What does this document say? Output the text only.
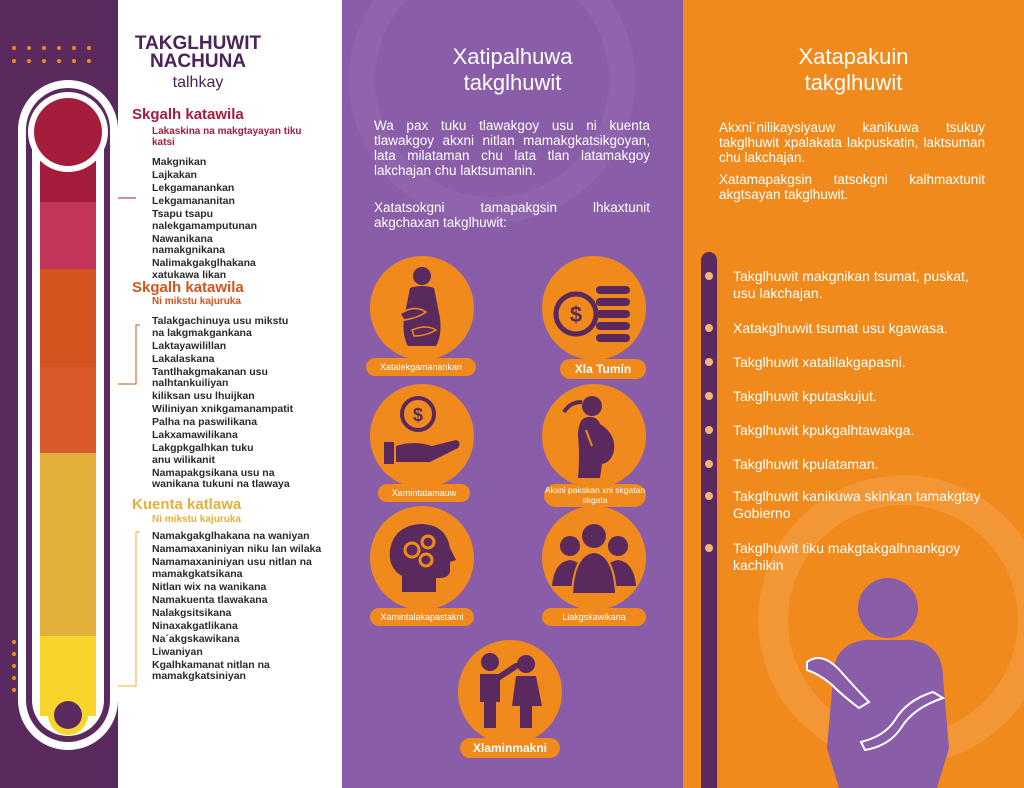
TAKGLHUWIT
NACHUNA
talhkay
Skgalh katawila
Lakaskina na makgtayayan tiku katsi
Makgnikan
Lajkakan
Lekgamanankan
Lekgamananitan
Tsapu tsapu nalekgamamputunan
Nawanikana namakgnikana
Nalimakgakglhakana xatukawa likan
Skgalh katawila
Ni mikstu kajuruka
Talakgachinuya usu mikstu na lakgmakgankana
Laktayawilillan
Lakalaskana
Tantlhakgmakanan usu nalhtankuiliyan
kiliksan usu lhuijkan
Wiliniyan xnikgamanampatit
Palha na paswilikana
Lakxamawilikana
Lakgpkgalhkan tuku anu wilikanit
Namapakgsikana usu na wanikana tukuni na tlawaya
Kuenta katlawa
Ni mikstu kajuruka
Namakgakglhakana na waniyan
Namamaxaniniyan niku lan wilaka
Namamaxaniniyan usu nitlan na mamakgkatsikana
Nitlan wix na wanikana
Namakuenta tlawakana
Nalakgsitsikana
Ninaxakgatlikana
Na´akgskawikana
Liwaniyan
Kgalhkamanat nitlan na mamakgkatsiniyan
Xatipalhuwa
takglhuwit
Wa pax tuku tlawakgoy usu ni kuenta tlawakgoy akxni nitlan mamakgkatsikgoyan, lata milataman chu lata tlan latamakgoy lakchajan chu laktsumanin.
Xatatsokgni tamapakgsin lhkaxtunit akgchaxan takglhuwit:
Xatalekgamanankan
$
Xla Tumín
$
Xamintatamauw	Akxni pakskan xni skgatan skgata
Xamintalakapastakni	Liakgskawikana
Xlaminmakni
Xatapakuin
takglhuwit
Akxni´nilikaysiyauw kanikuwa tsukuy takglhuwit xpalakata lakpuskatin, laktsuman chu lakchajan.
Xatamapakgsin tatsokgni kalhmaxtunit akgtsayan takglhuwit.
Takglhuwit makgnikan tsumat, puskat, usu lakchajan.
Xatakglhuwit tsumat usu kgawasa.
Takglhuwit xatalilakgapasni.
Takglhuwit kputaskujut.
Takglhuwit kpukgalhtawakga.
Takglhuwit kpulataman.
Takglhuwit kanikuwa skinkan tamakgtay Gobierno
Takglhuwit tiku makgtakgalhnankgoy kachikin
